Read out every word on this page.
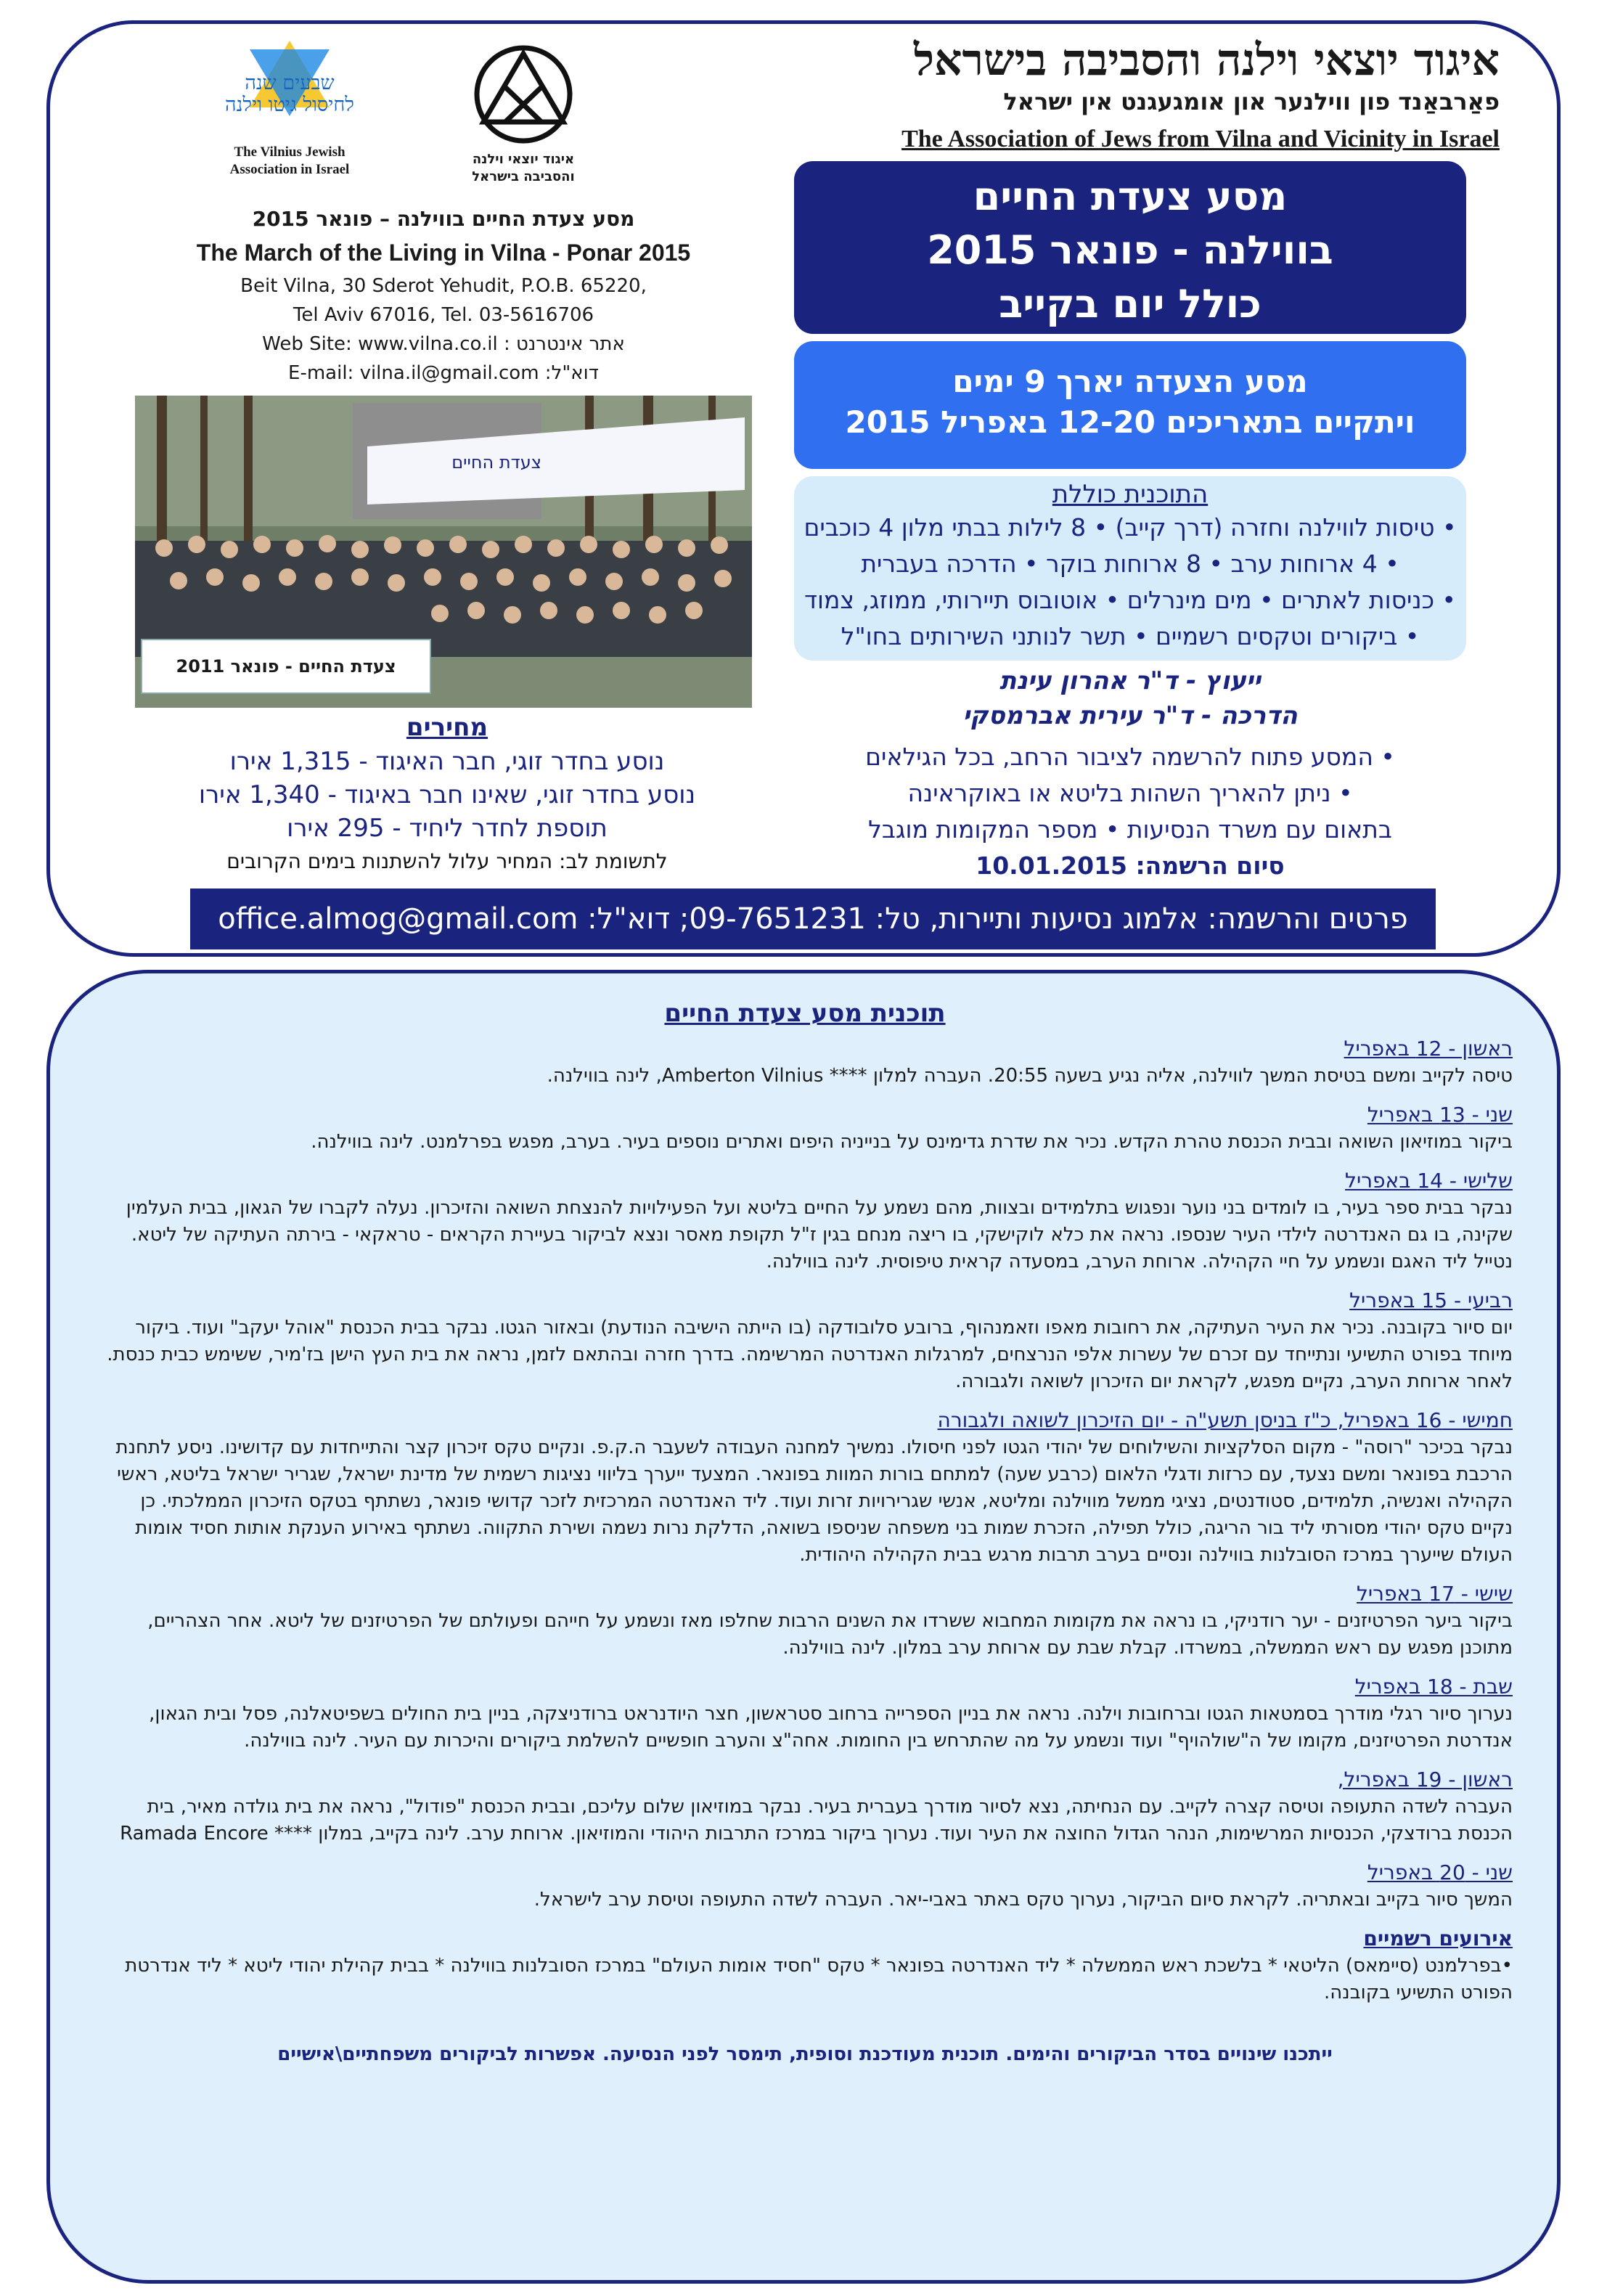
שבעים שנה
לחיסול גיטו וילנה
The Vilnius Jewish
Association in Israel
איגוד יוצאי וילנה
והסביבה בישראל
מסע צעדת החיים בווילנה – פונאר 2015
The March of the Living in Vilna - Ponar 2015
Beit Vilna, 30 Sderot Yehudit, P.O.B. 65220,
Tel Aviv 67016, Tel. 03-5616706
Web Site: www.vilna.co.il : אתר אינטרנט
E-mail: vilna.il@gmail.com :דוא"ל
צעדת החיים
צעדת החיים - פונאר 2011
מחירים
נוסע בחדר זוגי, חבר האיגוד - 1,315 אירו
נוסע בחדר זוגי, שאינו חבר באיגוד - 1,340 אירו
תוספת לחדר ליחיד - 295 אירו
לתשומת לב: המחיר עלול להשתנות בימים הקרובים
איגוד יוצאי וילנה והסביבה בישראל
פאַרבאַנד פון ווילנער און אומגעגנט אין ישראל
The Association of Jews from Vilna and Vicinity in Israel
מסע צעדת החיים
בווילנה - פונאר 2015
כולל יום בקייב
מסע הצעדה יארך 9 ימים
ויתקיים בתאריכים 12-20 באפריל 2015
התוכנית כוללת
• טיסות לווילנה וחזרה (דרך קייב) • 8 לילות בבתי מלון 4 כוכבים
• 4 ארוחות ערב • 8 ארוחות בוקר • הדרכה בעברית
• כניסות לאתרים • מים מינרלים • אוטובוס תיירותי, ממוזג, צמוד
• ביקורים וטקסים רשמיים • תשר לנותני השירותים בחו"ל
ייעוץ - ד"ר אהרון עינת
הדרכה - ד"ר עירית אברמסקי
• המסע פתוח להרשמה לציבור הרחב, בכל הגילאים
• ניתן להאריך השהות בליטא או באוקראינה
בתאום עם משרד הנסיעות • מספר המקומות מוגבל
סיום הרשמה: 10.01.2015
פרטים והרשמה: אלמוג נסיעות ותיירות, טל: 09-7651231; דוא"ל: office.almog@gmail.com
תוכנית מסע צעדת החיים
ראשון - 12 באפריל
טיסה לקייב ומשם בטיסת המשך לווילנה, אליה נגיע בשעה 20:55. העברה למלון **** Amberton Vilnius, לינה בווילנה.
שני - 13 באפריל
ביקור במוזיאון השואה ובבית הכנסת טהרת הקדש. נכיר את שדרת גדימינס על בנייניה היפים ואתרים נוספים בעיר. בערב, מפגש בפרלמנט. לינה בווילנה.
שלישי - 14 באפריל
נבקר בבית ספר בעיר, בו לומדים בני נוער ונפגוש בתלמידים ובצוות, מהם נשמע על החיים בליטא ועל הפעילויות להנצחת השואה והזיכרון. נעלה לקברו של הגאון, בבית העלמין שקינה, בו גם האנדרטה לילדי העיר שנספו. נראה את כלא לוקישקי, בו ריצה מנחם בגין ז"ל תקופת מאסר ונצא לביקור בעיירת הקראים - טראקאי - בירתה העתיקה של ליטא. נטייל ליד האגם ונשמע על חיי הקהילה. ארוחת הערב, במסעדה קראית טיפוסית. לינה בווילנה.
רביעי - 15 באפריל
יום סיור בקובנה. נכיר את העיר העתיקה, את רחובות מאפו וזאמנהוף, ברובע סלובודקה (בו הייתה הישיבה הנודעת) ובאזור הגטו. נבקר בבית הכנסת "אוהל יעקב" ועוד. ביקור מיוחד בפורט התשיעי ונתייחד עם זכרם של עשרות אלפי הנרצחים, למרגלות האנדרטה המרשימה. בדרך חזרה ובהתאם לזמן, נראה את בית העץ הישן בז'מיר, ששימש כבית כנסת. לאחר ארוחת הערב, נקיים מפגש, לקראת יום הזיכרון לשואה ולגבורה.
חמישי - 16 באפריל, כ"ז בניסן תשע"ה - יום הזיכרון לשואה ולגבורה
נבקר בכיכר "רוסה" - מקום הסלקציות והשילוחים של יהודי הגטו לפני חיסולו. נמשיך למחנה העבודה לשעבר ה.ק.פ. ונקיים טקס זיכרון קצר והתייחדות עם קדושינו. ניסע לתחנת הרכבת בפונאר ומשם נצעד, עם כרזות ודגלי הלאום (כרבע שעה) למתחם בורות המוות בפונאר. המצעד ייערך בליווי נציגות רשמית של מדינת ישראל, שגריר ישראל בליטא, ראשי הקהילה ואנשיה, תלמידים, סטודנטים, נציגי ממשל מווילנה ומליטא, אנשי שגרירויות זרות ועוד. ליד האנדרטה המרכזית לזכר קדושי פונאר, נשתתף בטקס הזיכרון הממלכתי. כן נקיים טקס יהודי מסורתי ליד בור הריגה, כולל תפילה, הזכרת שמות בני משפחה שניספו בשואה, הדלקת נרות נשמה ושירת התקווה. נשתתף באירוע הענקת אותות חסיד אומות העולם שייערך במרכז הסובלנות בווילנה ונסיים בערב תרבות מרגש בבית הקהילה היהודית.
שישי - 17 באפריל
ביקור ביער הפרטיזנים - יער רודניקי, בו נראה את מקומות המחבוא ששרדו את השנים הרבות שחלפו מאז ונשמע על חייהם ופעולתם של הפרטיזנים של ליטא. אחר הצהריים, מתוכנן מפגש עם ראש הממשלה, במשרדו. קבלת שבת עם ארוחת ערב במלון. לינה בווילנה.
שבת - 18 באפריל
נערוך סיור רגלי מודרך בסמטאות הגטו וברחובות וילנה. נראה את בניין הספרייה ברחוב סטראשון, חצר היודנראט ברודניצקה, בניין בית החולים בשפיטאלנה, פסל ובית הגאון, אנדרטת הפרטיזנים, מקומו של ה"שולהויף" ועוד ונשמע על מה שהתרחש בין החומות. אחה"צ והערב חופשיים להשלמת ביקורים והיכרות עם העיר. לינה בווילנה.
ראשון - 19 באפריל,
העברה לשדה התעופה וטיסה קצרה לקייב. עם הנחיתה, נצא לסיור מודרך בעברית בעיר. נבקר במוזיאון שלום עליכם, ובבית הכנסת "פודול", נראה את בית גולדה מאיר, בית הכנסת ברודצקי, הכנסיות המרשימות, הנהר הגדול החוצה את העיר ועוד. נערוך ביקור במרכז התרבות היהודי והמוזיאון. ארוחת ערב. לינה בקייב, במלון **** Ramada Encore
שני - 20 באפריל
המשך סיור בקייב ובאתריה. לקראת סיום הביקור, נערוך טקס באתר באבי-יאר. העברה לשדה התעופה וטיסת ערב לישראל.
אירועים רשמיים
•בפרלמנט (סיימאס) הליטאי * בלשכת ראש הממשלה * ליד האנדרטה בפונאר * טקס "חסיד אומות העולם" במרכז הסובלנות בווילנה * בבית קהילת יהודי ליטא * ליד אנדרטת הפורט התשיעי בקובנה.
ייתכנו שינויים בסדר הביקורים והימים. תוכנית מעודכנת וסופית, תימסר לפני הנסיעה. אפשרות לביקורים משפחתיים\אישיים
